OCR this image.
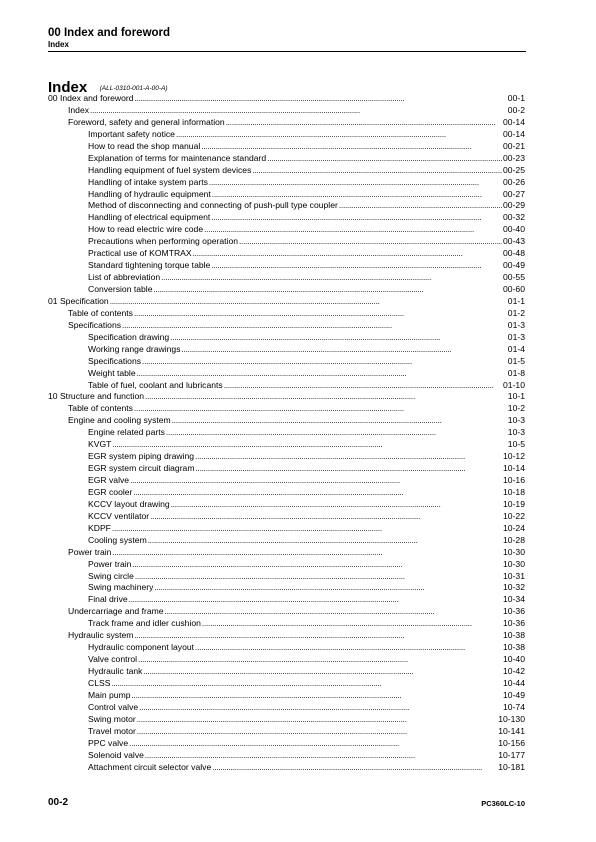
00 Index and foreword
Index
Index (ALL-0310-001-A-00-A)
00 Index and foreword . . .	00-1
Index . . .	00-2
Foreword, safety and general information . . .	00-14
Important safety notice . . .	00-14
How to read the shop manual . . .	00-21
Explanation of terms for maintenance standard . . .	00-23
Handling equipment of fuel system devices . . .	00-25
Handling of intake system parts . . .	00-26
Handling of hydraulic equipment . . .	00-27
Method of disconnecting and connecting of push-pull type coupler . . .	00-29
Handling of electrical equipment . . .	00-32
How to read electric wire code . . .	00-40
Precautions when performing operation . . .	00-43
Practical use of KOMTRAX . . .	00-48
Standard tightening torque table . . .	00-49
List of abbreviation . . .	00-55
Conversion table . . .	00-60
01 Specification . . .	01-1
Table of contents . . .	01-2
Specifications . . .	01-3
Specification drawing . . .	01-3
Working range drawings . . .	01-4
Specifications . . .	01-5
Weight table . . .	01-8
Table of fuel, coolant and lubricants . . .	01-10
10 Structure and function . . .	10-1
Table of contents . . .	10-2
Engine and cooling system . . .	10-3
Engine related parts . . .	10-3
KVGT . . .	10-5
EGR system piping drawing . . .	10-12
EGR system circuit diagram . . .	10-14
EGR valve . . .	10-16
EGR cooler . . .	10-18
KCCV layout drawing . . .	10-19
KCCV ventilator . . .	10-22
KDPF . . .	10-24
Cooling system . . .	10-28
Power train . . .	10-30
Power train . . .	10-30
Swing circle . . .	10-31
Swing machinery . . .	10-32
Final drive . . .	10-34
Undercarriage and frame . . .	10-36
Track frame and idler cushion . . .	10-36
Hydraulic system . . .	10-38
Hydraulic component layout . . .	10-38
Valve control . . .	10-40
Hydraulic tank . . .	10-42
CLSS . . .	10-44
Main pump . . .	10-49
Control valve . . .	10-74
Swing motor . . .	10-130
Travel motor . . .	10-141
PPC valve . . .	10-156
Solenoid valve . . .	10-177
Attachment circuit selector valve . . .	10-181
00-2	PC360LC-10
